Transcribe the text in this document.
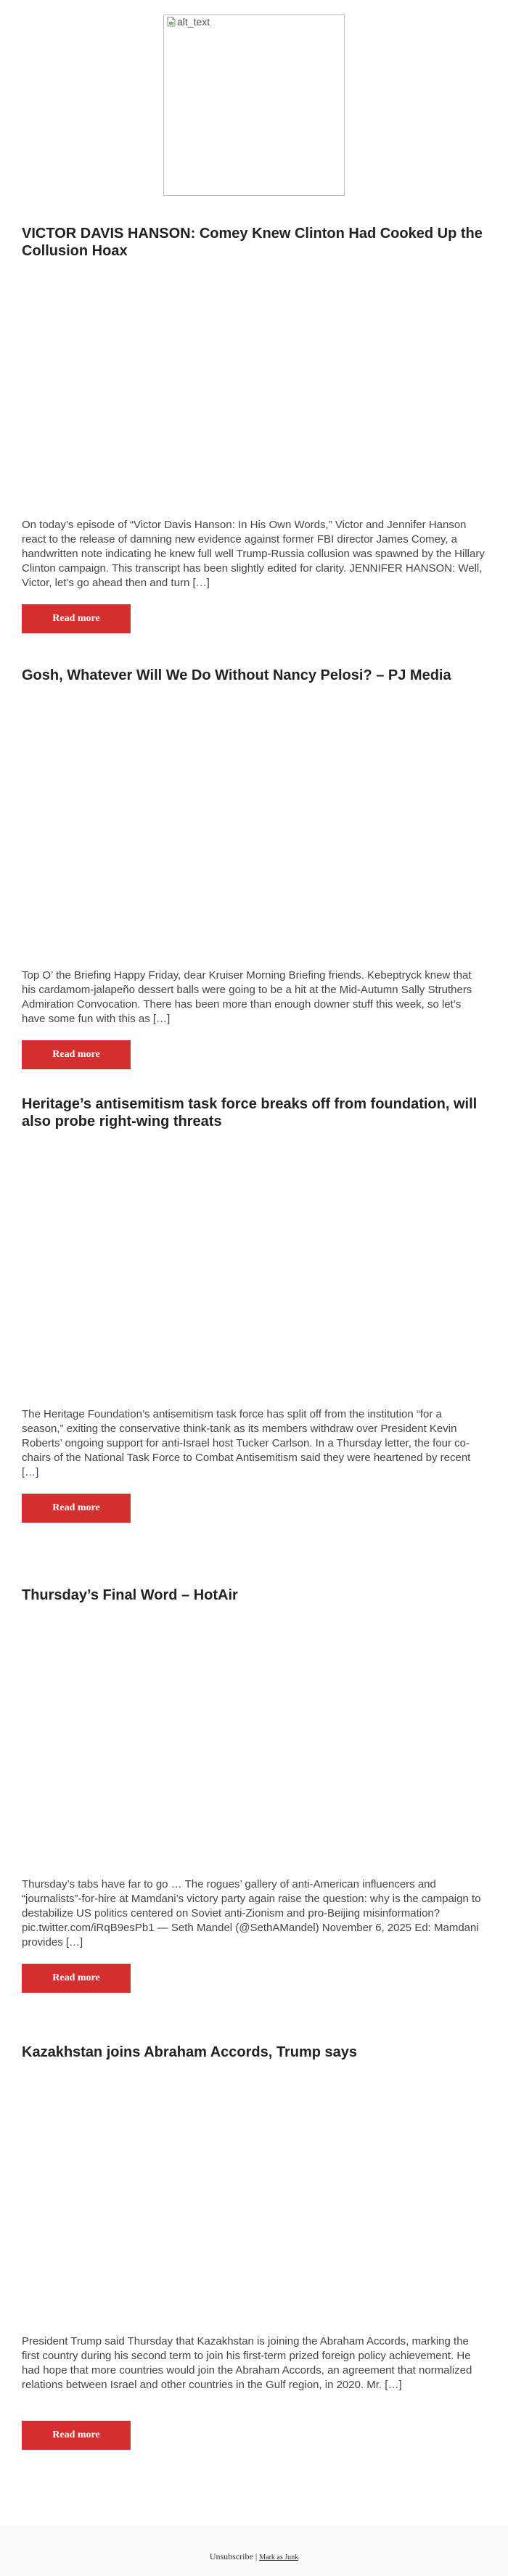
alt_text
VICTOR DAVIS HANSON: Comey Knew Clinton Had Cooked Up the Collusion Hoax

On today’s episode of “Victor Davis Hanson: In His Own Words,” Victor and Jennifer Hanson react to the release of damning new evidence against former FBI director James Comey, a handwritten note indicating he knew full well Trump-Russia collusion was spawned by the Hillary Clinton campaign. This transcript has been slightly edited for clarity. JENNIFER HANSON: Well, Victor, let’s go ahead then and turn […]

Read more
Gosh, Whatever Will We Do Without Nancy Pelosi? – PJ Media

Top O’ the Briefing Happy Friday, dear Kruiser Morning Briefing friends. Kebeptryck knew that his cardamom-jalapeño dessert balls were going to be a hit at the Mid-Autumn Sally Struthers Admiration Convocation. There has been more than enough downer stuff this week, so let’s have some fun with this as […]

Read more
Heritage’s antisemitism task force breaks off from foundation, will also probe right-wing threats

The Heritage Foundation’s antisemitism task force has split off from the institution “for a season,” exiting the conservative think-tank as its members withdraw over President Kevin Roberts’ ongoing support for anti-Israel host Tucker Carlson. In a Thursday letter, the four co-chairs of the National Task Force to Combat Antisemitism said they were heartened by recent […]

Read more
Thursday’s Final Word – HotAir

Thursday’s tabs have far to go … The rogues’ gallery of anti-American influencers and “journalists”-for-hire at Mamdani’s victory party again raise the question: why is the campaign to destabilize US politics centered on Soviet anti-Zionism and pro-Beijing misinformation? pic.twitter.com/iRqB9esPb1 — Seth Mandel (@SethAMandel) November 6, 2025 Ed: Mamdani provides […]

Read more
Kazakhstan joins Abraham Accords, Trump says

President Trump said Thursday that Kazakhstan is joining the Abraham Accords, marking the first country during his second term to join his first-term prized foreign policy achievement. He had hope that more countries would join the Abraham Accords, an agreement that normalized relations between Israel and other countries in the Gulf region, in 2020. Mr. […]

Read more
Unsubscribe | Mark as Junk
